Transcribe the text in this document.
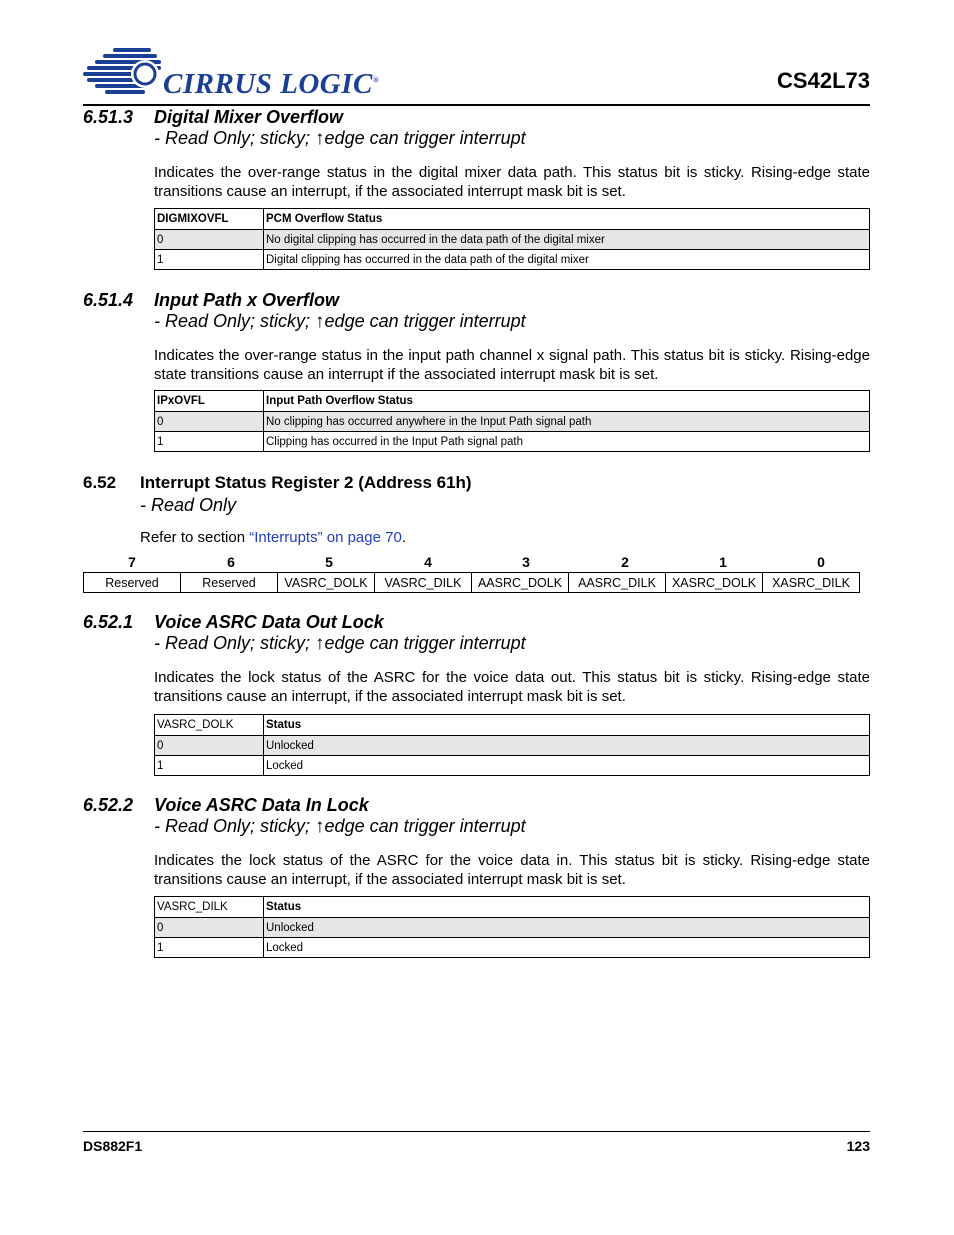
CIRRUS LOGIC®	CS42L73
6.51.3 Digital Mixer Overflow
- Read Only; sticky; ↑edge can trigger interrupt

Indicates the over-range status in the digital mixer data path. This status bit is sticky. Rising-edge state transitions cause an interrupt, if the associated interrupt mask bit is set.

DIGMIXOVFL	PCM Overflow Status
0	No digital clipping has occurred in the data path of the digital mixer
1	Digital clipping has occurred in the data path of the digital mixer
6.51.4 Input Path x Overflow
- Read Only; sticky; ↑edge can trigger interrupt

Indicates the over-range status in the input path channel x signal path. This status bit is sticky. Rising-edge state transitions cause an interrupt if the associated interrupt mask bit is set.

IPxOVFL	Input Path Overflow Status
0	No clipping has occurred anywhere in the Input Path signal path
1	Clipping has occurred in the Input Path signal path
6.52 Interrupt Status Register 2 (Address 61h)
- Read Only
Refer to section “Interrupts” on page 70.
7	6	5	4	3	2	1	0
Reserved	Reserved	VASRC_DOLK	VASRC_DILK	AASRC_DOLK	AASRC_DILK	XASRC_DOLK	XASRC_DILK
6.52.1 Voice ASRC Data Out Lock
- Read Only; sticky; ↑edge can trigger interrupt

Indicates the lock status of the ASRC for the voice data out. This status bit is sticky. Rising-edge state transitions cause an interrupt, if the associated interrupt mask bit is set.

VASRC_DOLK	Status
0	Unlocked
1	Locked
6.52.2 Voice ASRC Data In Lock
- Read Only; sticky; ↑edge can trigger interrupt

Indicates the lock status of the ASRC for the voice data in. This status bit is sticky. Rising-edge state transitions cause an interrupt, if the associated interrupt mask bit is set.

VASRC_DILK	Status
0	Unlocked
1	Locked
DS882F1	123
